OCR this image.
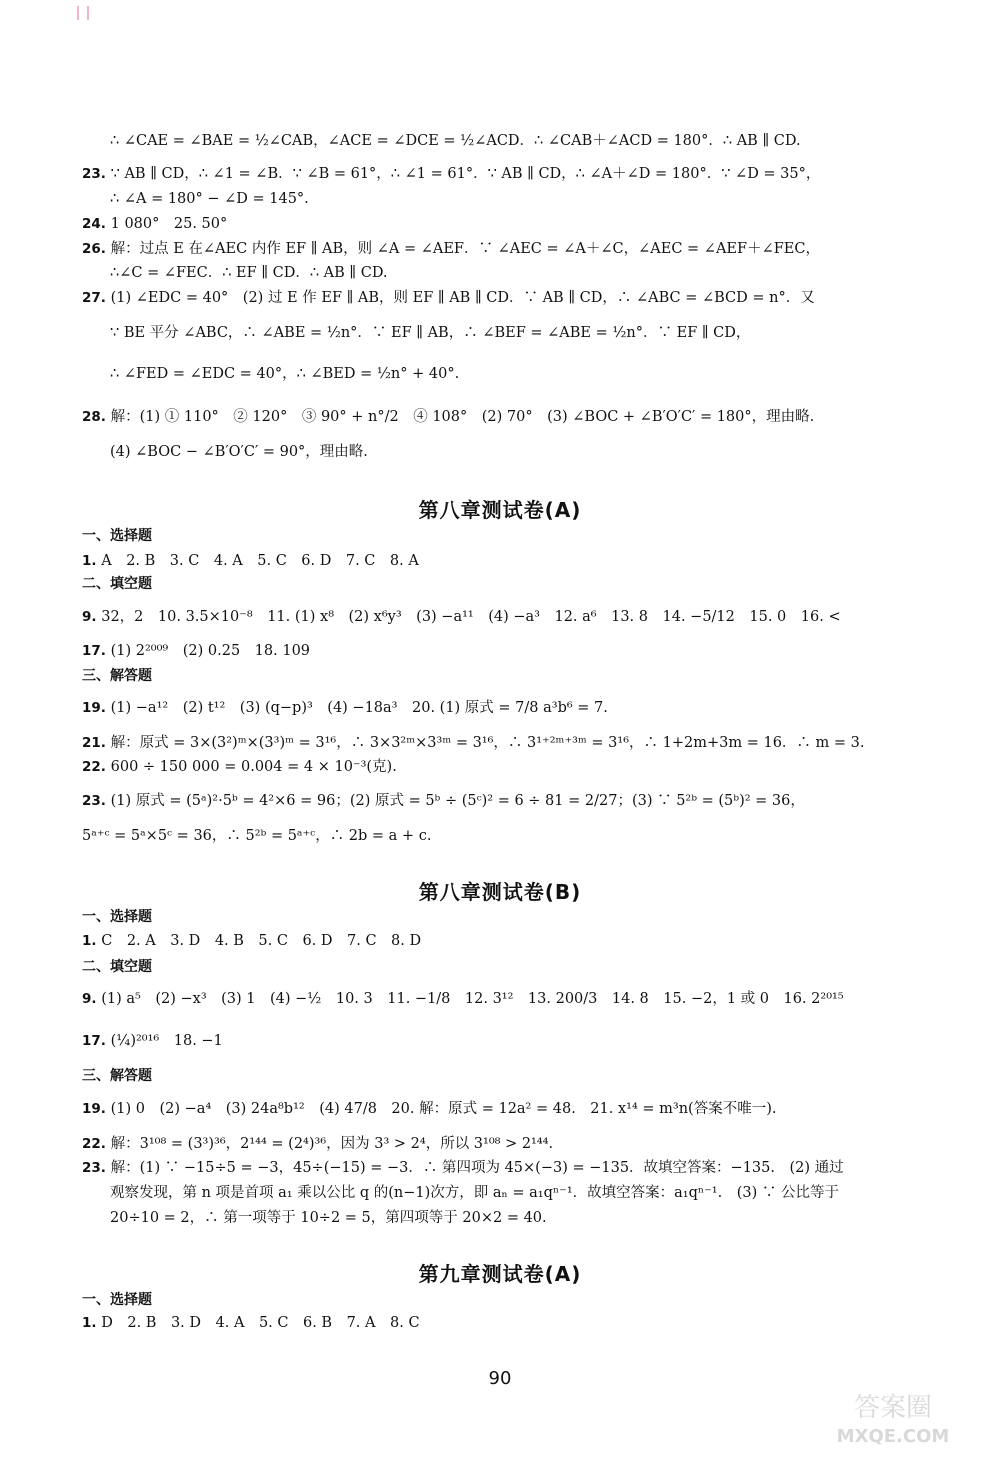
∴ ∠CAE = ∠BAE = ½∠CAB，∠ACE = ∠DCE = ½∠ACD．∴ ∠CAB＋∠ACD = 180°．∴ AB ∥ CD.
23. ∵ AB ∥ CD，∴ ∠1 = ∠B．∵ ∠B = 61°，∴ ∠1 = 61°．∵ AB ∥ CD，∴ ∠A＋∠D = 180°．∵ ∠D = 35°，
∴ ∠A = 180° − ∠D = 145°.
24. 1 080°　25. 50°
26. 解：过点 E 在∠AEC 内作 EF ∥ AB，则 ∠A = ∠AEF．∵ ∠AEC = ∠A＋∠C，∠AEC = ∠AEF＋∠FEC，
∴∠C = ∠FEC．∴ EF ∥ CD．∴ AB ∥ CD.
27. (1) ∠EDC = 40°　(2) 过 E 作 EF ∥ AB，则 EF ∥ AB ∥ CD．∵ AB ∥ CD，∴ ∠ABC = ∠BCD = n°．又
∵ BE 平分 ∠ABC，∴ ∠ABE = ½n°．∵ EF ∥ AB，∴ ∠BEF = ∠ABE = ½n°．∵ EF ∥ CD，
∴ ∠FED = ∠EDC = 40°，∴ ∠BED = ½n° + 40°.
28. 解：(1) ① 110°　② 120°　③ 90° + n°/2　④ 108°　(2) 70°　(3) ∠BOC + ∠B′O′C′ = 180°，理由略.
(4) ∠BOC − ∠B′O′C′ = 90°，理由略.
1. A　2. B　3. C　4. A　5. C　6. D　7. C　8. A
9. 32，2　10. 3.5×10⁻⁸　11. (1) x⁸　(2) x⁶y³　(3) −a¹¹　(4) −a³　12. a⁶　13. 8　14. −5/12　15. 0　16. <
17. (1) 2²⁰⁰⁹　(2) 0.25　18. 109
19. (1) −a¹²　(2) t¹²　(3) (q−p)³　(4) −18a³　20. (1) 原式 = 7/8 a³b⁶ = 7.
21. 解：原式 = 3×(3²)ᵐ×(3³)ᵐ = 3¹⁶，∴ 3×3²ᵐ×3³ᵐ = 3¹⁶，∴ 3¹⁺²ᵐ⁺³ᵐ = 3¹⁶，∴ 1+2m+3m = 16．∴ m = 3.
22. 600 ÷ 150 000 = 0.004 = 4 × 10⁻³(克).
23. (1) 原式 = (5ᵃ)²·5ᵇ = 4²×6 = 96；(2) 原式 = 5ᵇ ÷ (5ᶜ)² = 6 ÷ 81 = 2/27；(3) ∵ 5²ᵇ = (5ᵇ)² = 36，
5ᵃ⁺ᶜ = 5ᵃ×5ᶜ = 36，∴ 5²ᵇ = 5ᵃ⁺ᶜ，∴ 2b = a + c.
1. C　2. A　3. D　4. B　5. C　6. D　7. C　8. D
9. (1) a⁵　(2) −x³　(3) 1　(4) −½　10. 3　11. −1/8　12. 3¹²　13. 200/3　14. 8　15. −2，1 或 0　16. 2²⁰¹⁵
17. (¼)²⁰¹⁶　18. −1
19. (1) 0　(2) −a⁴　(3) 24a⁸b¹²　(4) 47/8　20. 解：原式 = 12a² = 48.　21. x¹⁴ = m³n(答案不唯一).
22. 解：3¹⁰⁸ = (3³)³⁶，2¹⁴⁴ = (2⁴)³⁶，因为 3³ > 2⁴，所以 3¹⁰⁸ > 2¹⁴⁴.
23. 解：(1) ∵ −15÷5 = −3，45÷(−15) = −3．∴ 第四项为 45×(−3) = −135．故填空答案：−135.　(2) 通过
观察发现，第 n 项是首项 a₁ 乘以公比 q 的(n−1)次方，即 aₙ = a₁qⁿ⁻¹．故填空答案：a₁qⁿ⁻¹.　(3) ∵ 公比等于
20÷10 = 2，∴ 第一项等于 10÷2 = 5，第四项等于 20×2 = 40.
1. D　2. B　3. D　4. A　5. C　6. B　7. A　8. C
第八章测试卷(A)
第八章测试卷(B)
第九章测试卷(A)
一、选择题
二、填空题
三、解答题
一、选择题
二、填空题
三、解答题
一、选择题
90
答案圈
MXQE.COM
